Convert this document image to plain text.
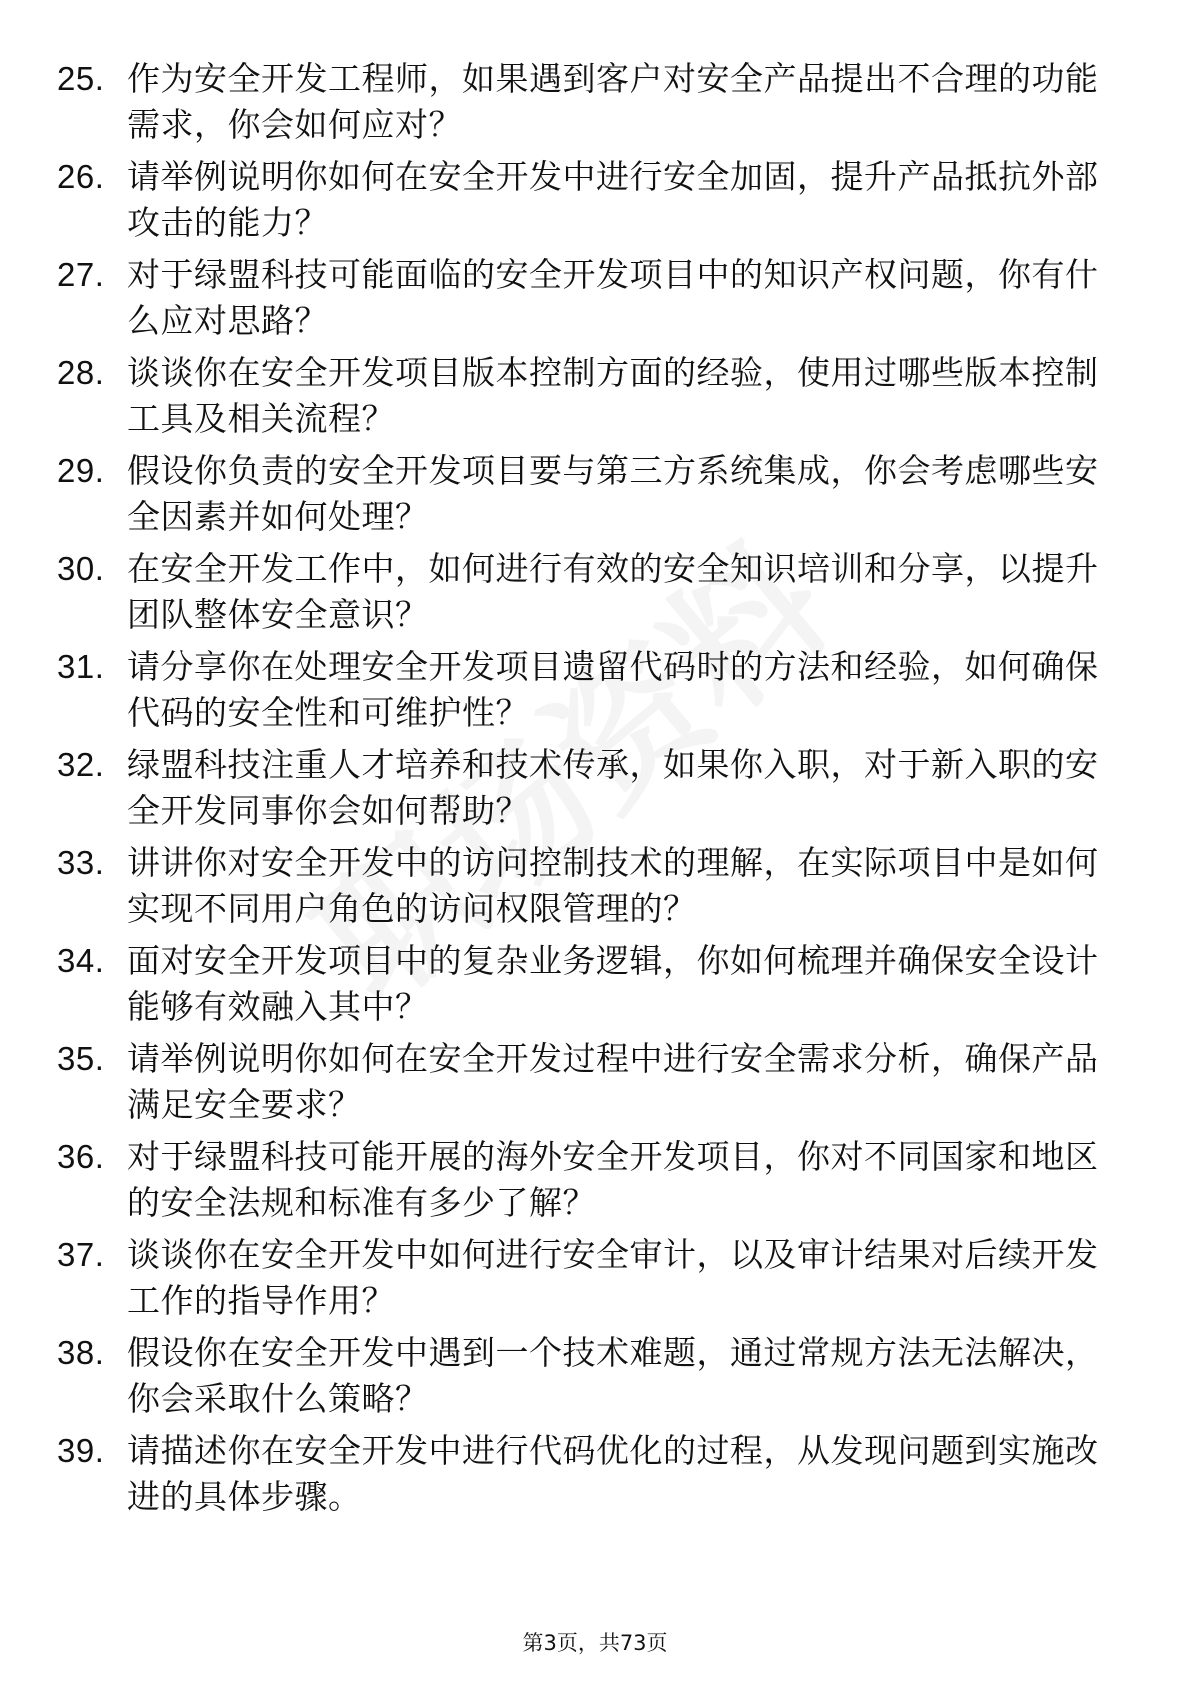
25. 作为安全开发工程师，如果遇到客户对安全产品提出不合理的功能需求，你会如何应对？
26. 请举例说明你如何在安全开发中进行安全加固，提升产品抵抗外部攻击的能力？
27. 对于绿盟科技可能面临的安全开发项目中的知识产权问题，你有什么应对思路？
28. 谈谈你在安全开发项目版本控制方面的经验，使用过哪些版本控制工具及相关流程？
29. 假设你负责的安全开发项目要与第三方系统集成，你会考虑哪些安全因素并如何处理？
30. 在安全开发工作中，如何进行有效的安全知识培训和分享，以提升团队整体安全意识？
31. 请分享你在处理安全开发项目遗留代码时的方法和经验，如何确保代码的安全性和可维护性？
32. 绿盟科技注重人才培养和技术传承，如果你入职，对于新入职的安全开发同事你会如何帮助？
33. 讲讲你对安全开发中的访问控制技术的理解，在实际项目中是如何实现不同用户角色的访问权限管理的？
34. 面对安全开发项目中的复杂业务逻辑，你如何梳理并确保安全设计能够有效融入其中？
35. 请举例说明你如何在安全开发过程中进行安全需求分析，确保产品满足安全要求？
36. 对于绿盟科技可能开展的海外安全开发项目，你对不同国家和地区的安全法规和标准有多少了解？
37. 谈谈你在安全开发中如何进行安全审计，以及审计结果对后续开发工作的指导作用？
38. 假设你在安全开发中遇到一个技术难题，通过常规方法无法解决，你会采取什么策略？
39. 请描述你在安全开发中进行代码优化的过程，从发现问题到实施改进的具体步骤。
第3页，共73页
